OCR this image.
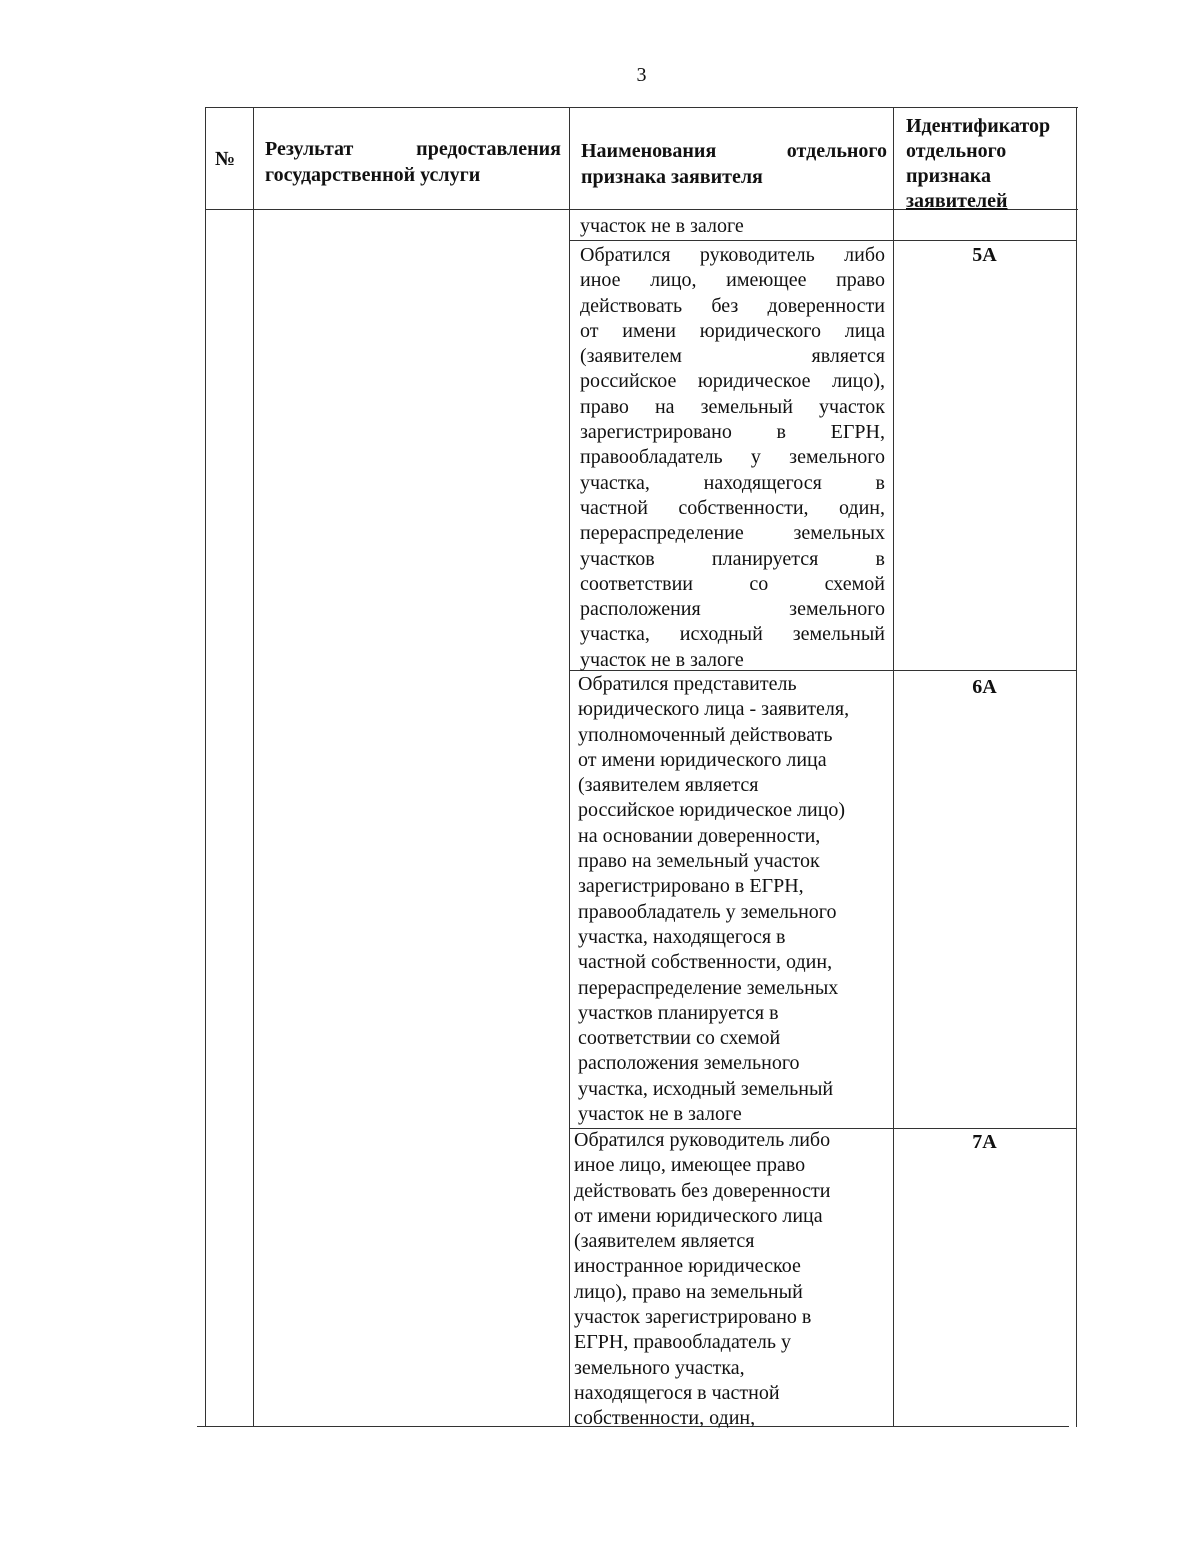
3
№ Результат предоставления
государственной услуги
Наименования отдельного
признака заявителя
Идентификатор
отдельного
признака
заявителей
участок не в залоге
Обратился руководитель либо
иное лицо, имеющее право
действовать без доверенности
от имени юридического лица
(заявителем является
российское юридическое лицо),
право на земельный участок
зарегистрировано в ЕГРН,
правообладатель у земельного
участка, находящегося в
частной собственности, один,
перераспределение земельных
участков планируется в
соответствии со схемой
расположения земельного
участка, исходный земельный
участок не в залоге
5А
Обратился представитель
юридического лица - заявителя,
уполномоченный действовать
от имени юридического лица
(заявителем является
российское юридическое лицо)
на основании доверенности,
право на земельный участок
зарегистрировано в ЕГРН,
правообладатель у земельного
участка, находящегося в
частной собственности, один,
перераспределение земельных
участков планируется в
соответствии со схемой
расположения земельного
участка, исходный земельный
участок не в залоге
6А
Обратился руководитель либо
иное лицо, имеющее право
действовать без доверенности
от имени юридического лица
(заявителем является
иностранное юридическое
лицо), право на земельный
участок зарегистрировано в
ЕГРН, правообладатель у
земельного участка,
находящегося в частной
собственности, один,
7А
